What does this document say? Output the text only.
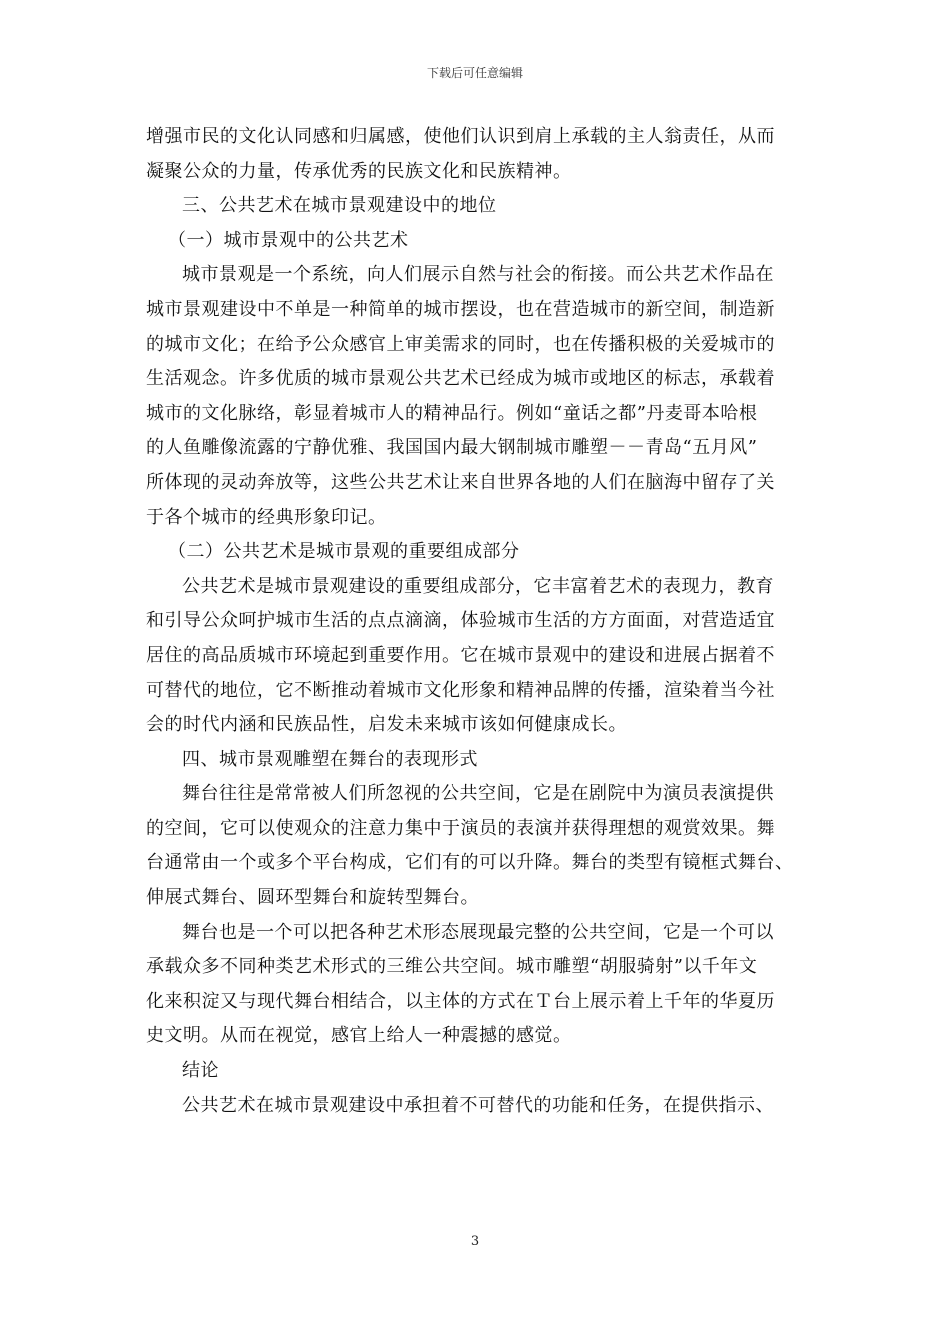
下载后可任意编辑
增强市民的文化认同感和归属感，使他们认识到肩上承载的主人翁责任，从而
凝聚公众的力量，传承优秀的民族文化和民族精神。
三、公共艺术在城市景观建设中的地位
（一）城市景观中的公共艺术
城市景观是一个系统，向人们展示自然与社会的衔接。而公共艺术作品在
城市景观建设中不单是一种简单的城市摆设，也在营造城市的新空间，制造新
的城市文化；在给予公众感官上审美需求的同时，也在传播积极的关爱城市的
生活观念。许多优质的城市景观公共艺术已经成为城市或地区的标志，承载着
城市的文化脉络，彰显着城市人的精神品行。例如“童话之都”丹麦哥本哈根
的人鱼雕像流露的宁静优雅、我国国内最大钢制城市雕塑－－青岛“五月风”
所体现的灵动奔放等，这些公共艺术让来自世界各地的人们在脑海中留存了关
于各个城市的经典形象印记。
（二）公共艺术是城市景观的重要组成部分
公共艺术是城市景观建设的重要组成部分，它丰富着艺术的表现力，教育
和引导公众呵护城市生活的点点滴滴，体验城市生活的方方面面，对营造适宜
居住的高品质城市环境起到重要作用。它在城市景观中的建设和进展占据着不
可替代的地位，它不断推动着城市文化形象和精神品牌的传播，渲染着当今社
会的时代内涵和民族品性，启发未来城市该如何健康成长。
四、城市景观雕塑在舞台的表现形式
舞台往往是常常被人们所忽视的公共空间，它是在剧院中为演员表演提供
的空间，它可以使观众的注意力集中于演员的表演并获得理想的观赏效果。舞
台通常由一个或多个平台构成，它们有的可以升降。舞台的类型有镜框式舞台、
伸展式舞台、圆环型舞台和旋转型舞台。
舞台也是一个可以把各种艺术形态展现最完整的公共空间，它是一个可以
承载众多不同种类艺术形式的三维公共空间。城市雕塑“胡服骑射”以千年文
化来积淀又与现代舞台相结合，以主体的方式在Ｔ台上展示着上千年的华夏历
史文明。从而在视觉，感官上给人一种震撼的感觉。
结论
公共艺术在城市景观建设中承担着不可替代的功能和任务，在提供指示、
3
